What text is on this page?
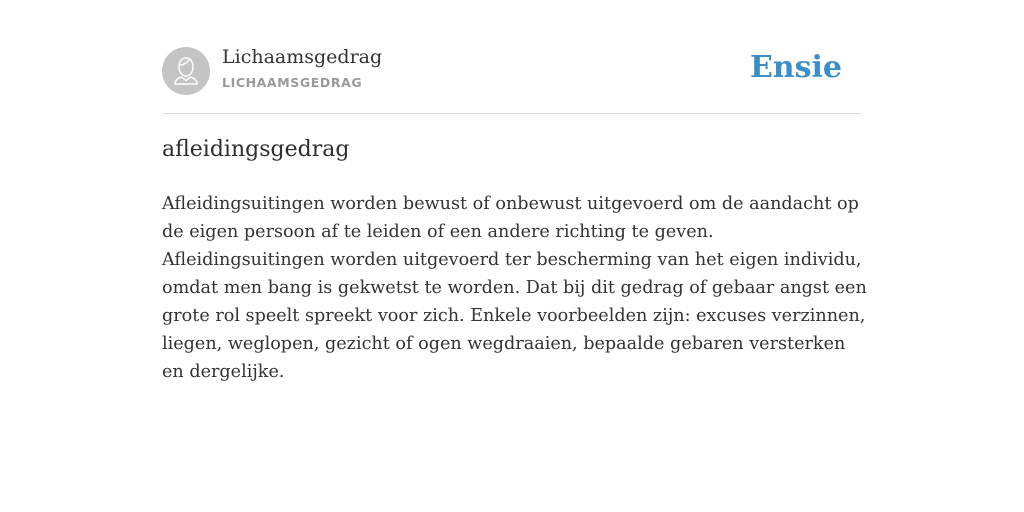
Lichaamsgedrag
LICHAAMSGEDRAG	Ensie
afleidingsgedrag

Afleidingsuitingen worden bewust of onbewust uitgevoerd om de aandacht op de eigen persoon af te leiden of een andere richting te geven. Afleidingsuitingen worden uitgevoerd ter bescherming van het eigen individu, omdat men bang is gekwetst te worden. Dat bij dit gedrag of gebaar angst een grote rol speelt spreekt voor zich. Enkele voorbeelden zijn: excuses verzinnen, liegen, weglopen, gezicht of ogen wegdraaien, bepaalde gebaren versterken en dergelijke.
